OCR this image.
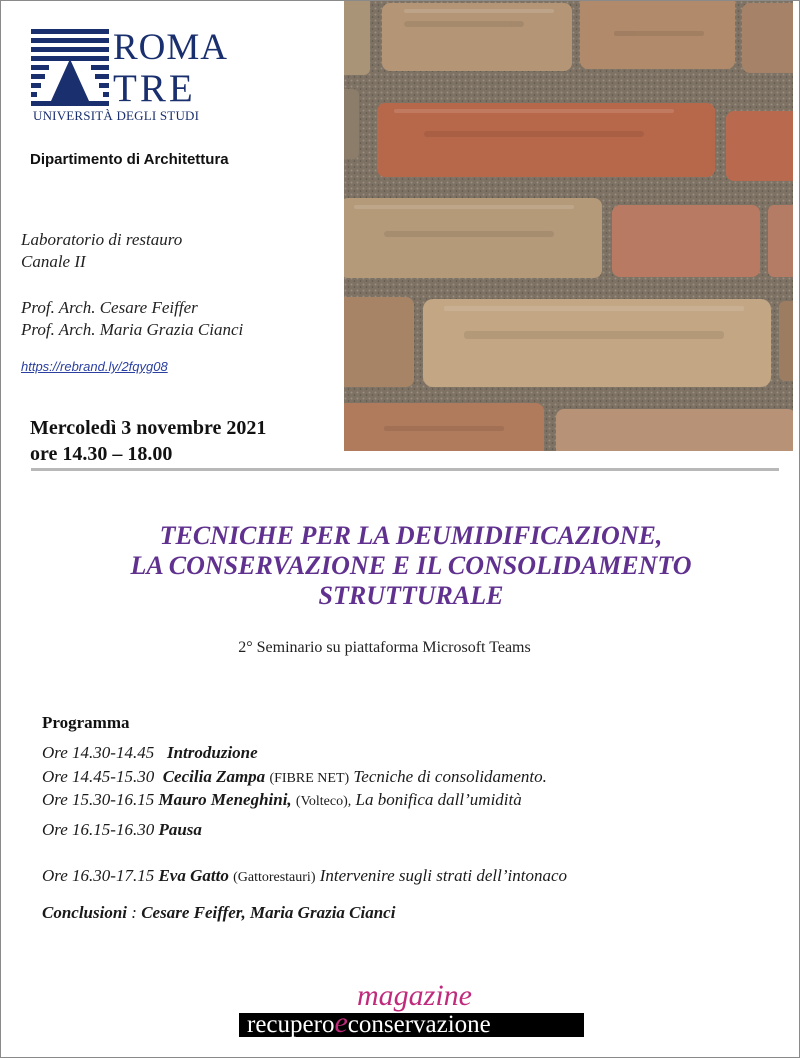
ROMA
TRE
UNIVERSITÀ DEGLI STUDI
Dipartimento di Architettura
Laboratorio di restauro
Canale II
Prof. Arch. Cesare Feiffer
Prof. Arch. Maria Grazia Cianci
https://rebrand.ly/2fqyg08
Mercoledì 3 novembre 2021
ore 14.30 – 18.00
TECNICHE PER LA DEUMIDIFICAZIONE,
LA CONSERVAZIONE E IL CONSOLIDAMENTO
STRUTTURALE
2° Seminario su piattaforma Microsoft Teams
Programma
Ore 14.30-14.45 Introduzione
Ore 14.45-15.30 Cecilia Zampa (FIBRE NET) Tecniche di consolidamento.
Ore 15.30-16.15 Mauro Meneghini, (Volteco), La bonifica dall’umidità
Ore 16.15-16.30 Pausa
Ore 16.30-17.15 Eva Gatto (Gattorestauri) Intervenire sugli strati dell’intonaco
Conclusioni : Cesare Feiffer, Maria Grazia Cianci
magazine
recuperoeconservazione
